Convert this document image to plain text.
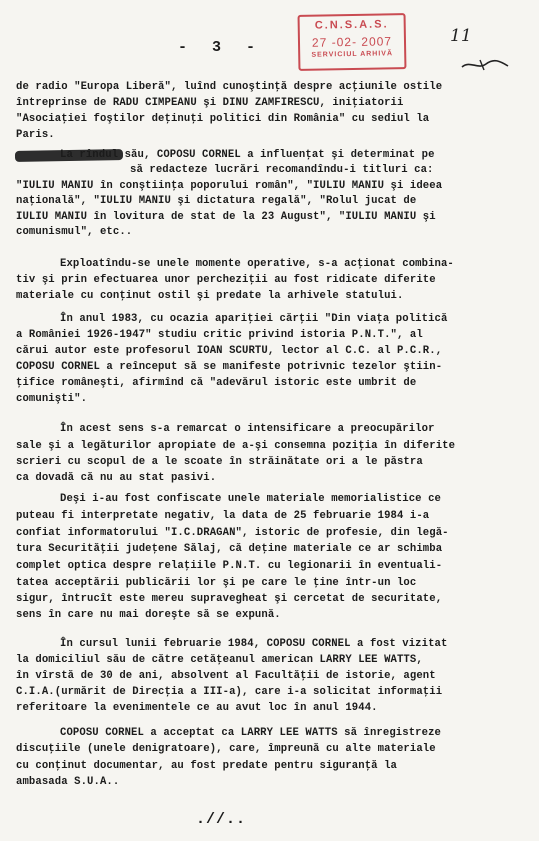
- 3 -
C.N.S.A.S.
27 -02- 2007
SERVICIUL ARHIVĂ
11
de radio "Europa Liberă", luînd cunoştinţă despre acţiunile ostile
întreprinse de RADU CIMPEANU şi DINU ZAMFIRESCU, iniţiatorii
"Asociaţiei foştilor deţinuţi politici din România" cu sediul la
Paris.
La rîndul său, COPOSU CORNEL a influenţat şi determinat pe
să redacteze lucrări recomandîndu-i titluri ca:
"IULIU MANIU în conştiinţa poporului român", "IULIU MANIU şi ideea
naţională", "IULIU MANIU şi dictatura regală", "Rolul jucat de
IULIU MANIU în lovitura de stat de la 23 August", "IULIU MANIU şi
comunismul", etc..
Exploatîndu-se unele momente operative, s-a acţionat combina-
tiv şi prin efectuarea unor percheziţii au fost ridicate diferite
materiale cu conţinut ostil şi predate la arhivele statului.
În anul 1983, cu ocazia apariţiei cărţii "Din viaţa politică
a României 1926-1947" studiu critic privind istoria P.N.T.", al
cărui autor este profesorul IOAN SCURTU, lector al C.C. al P.C.R.,
COPOSU CORNEL a reînceput să se manifeste potrivnic tezelor ştiin-
ţifice româneşti, afirmînd că "adevărul istoric este umbrit de
comunişti".
În acest sens s-a remarcat o intensificare a preocupărilor
sale şi a legăturilor apropiate de a-şi consemna poziţia în diferite
scrieri cu scopul de a le scoate în străinătate ori a le păstra
ca dovadă că nu au stat pasivi.
Deşi i-au fost confiscate unele materiale memorialistice ce
puteau fi interpretate negativ, la data de 25 februarie 1984 i-a
confiat informatorului "I.C.DRAGAN", istoric de profesie, din legă-
tura Securităţii judeţene Sălaj, că deţine materiale ce ar schimba
complet optica despre relaţiile P.N.T. cu legionarii în eventuali-
tatea acceptării publicării lor şi pe care le ţine într-un loc
sigur, întrucît este mereu supravegheat şi cercetat de securitate,
sens în care nu mai doreşte să se expună.
În cursul lunii februarie 1984, COPOSU CORNEL a fost vizitat
la domiciliul său de către cetăţeanul american LARRY LEE WATTS,
în vîrstă de 30 de ani, absolvent al Facultăţii de istorie, agent
C.I.A.(urmărit de Direcţia a III-a), care i-a solicitat informaţii
referitoare la evenimentele ce au avut loc în anul 1944.
COPOSU CORNEL a acceptat ca LARRY LEE WATTS să înregistreze
discuţiile (unele denigratoare), care, împreună cu alte materiale
cu conţinut documentar, au fost predate pentru siguranţă la
ambasada S.U.A..
.//..
